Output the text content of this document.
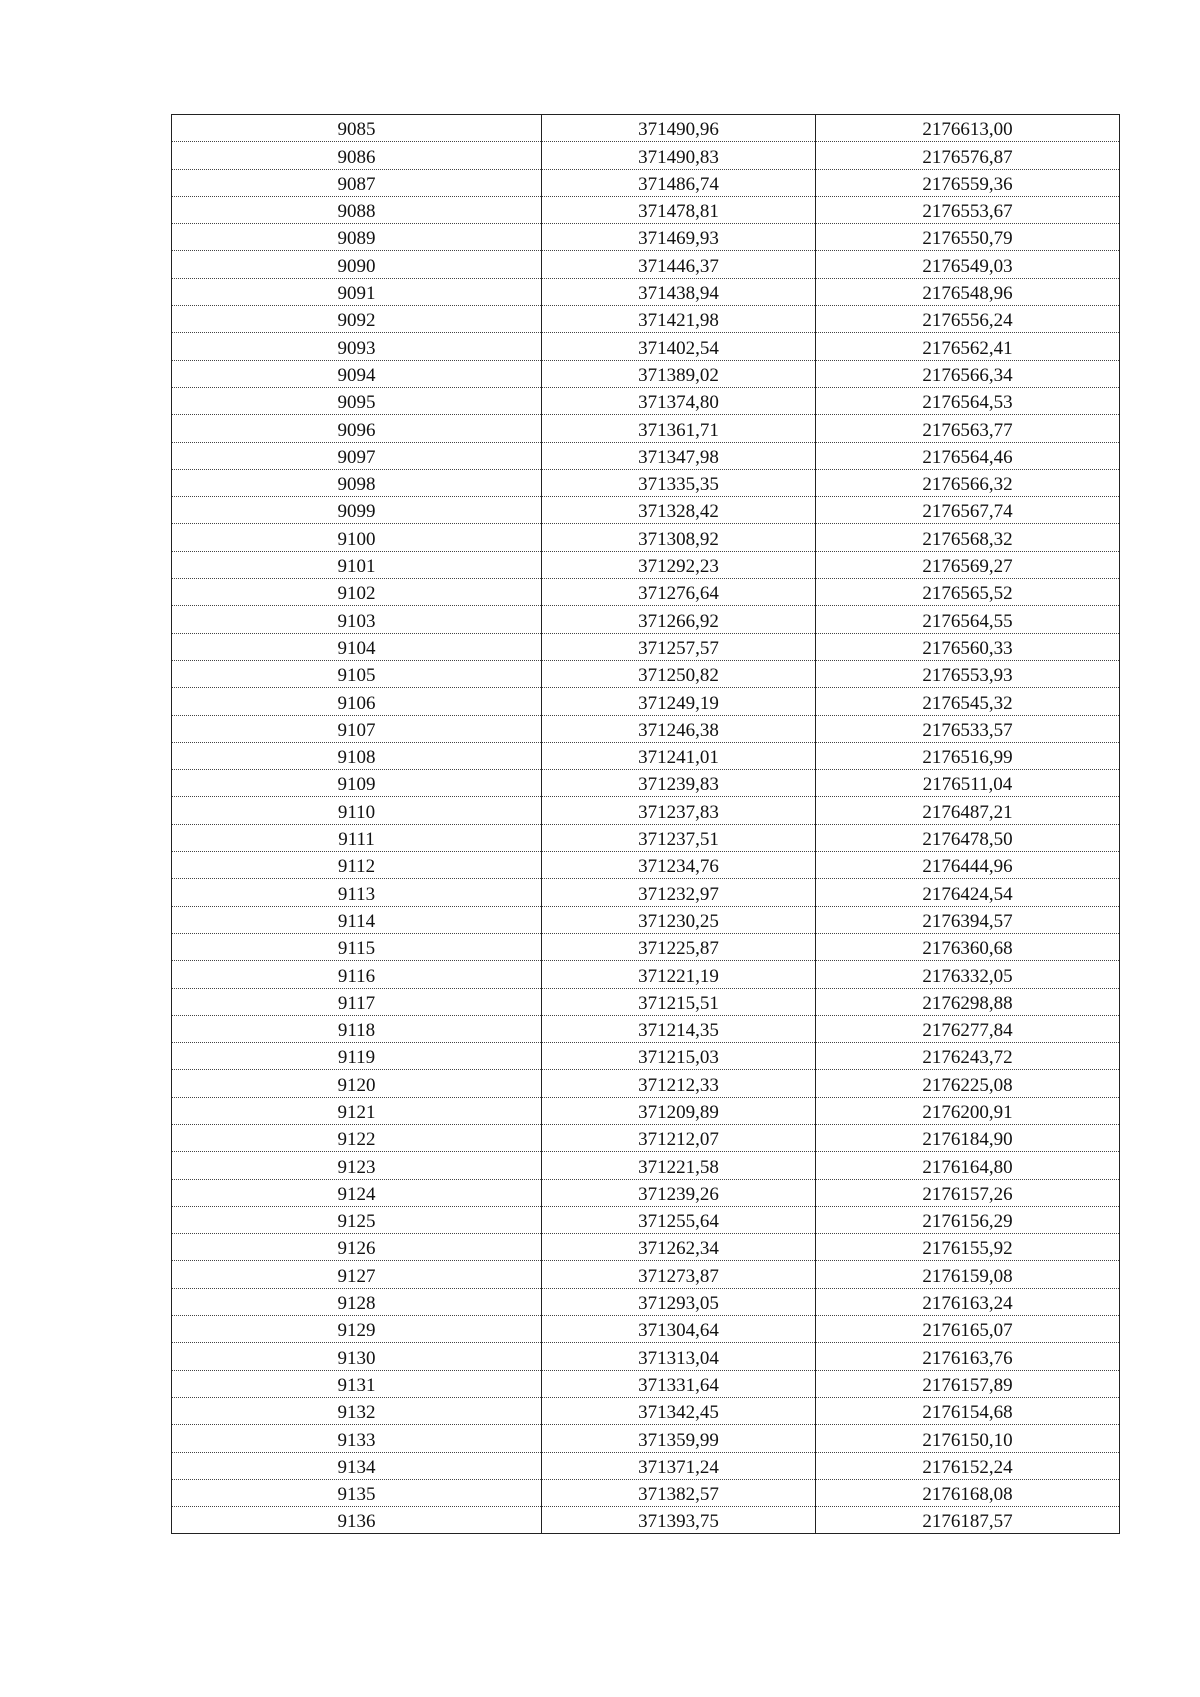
9085	371490,96	2176613,00
9086	371490,83	2176576,87
9087	371486,74	2176559,36
9088	371478,81	2176553,67
9089	371469,93	2176550,79
9090	371446,37	2176549,03
9091	371438,94	2176548,96
9092	371421,98	2176556,24
9093	371402,54	2176562,41
9094	371389,02	2176566,34
9095	371374,80	2176564,53
9096	371361,71	2176563,77
9097	371347,98	2176564,46
9098	371335,35	2176566,32
9099	371328,42	2176567,74
9100	371308,92	2176568,32
9101	371292,23	2176569,27
9102	371276,64	2176565,52
9103	371266,92	2176564,55
9104	371257,57	2176560,33
9105	371250,82	2176553,93
9106	371249,19	2176545,32
9107	371246,38	2176533,57
9108	371241,01	2176516,99
9109	371239,83	2176511,04
9110	371237,83	2176487,21
9111	371237,51	2176478,50
9112	371234,76	2176444,96
9113	371232,97	2176424,54
9114	371230,25	2176394,57
9115	371225,87	2176360,68
9116	371221,19	2176332,05
9117	371215,51	2176298,88
9118	371214,35	2176277,84
9119	371215,03	2176243,72
9120	371212,33	2176225,08
9121	371209,89	2176200,91
9122	371212,07	2176184,90
9123	371221,58	2176164,80
9124	371239,26	2176157,26
9125	371255,64	2176156,29
9126	371262,34	2176155,92
9127	371273,87	2176159,08
9128	371293,05	2176163,24
9129	371304,64	2176165,07
9130	371313,04	2176163,76
9131	371331,64	2176157,89
9132	371342,45	2176154,68
9133	371359,99	2176150,10
9134	371371,24	2176152,24
9135	371382,57	2176168,08
9136	371393,75	2176187,57
